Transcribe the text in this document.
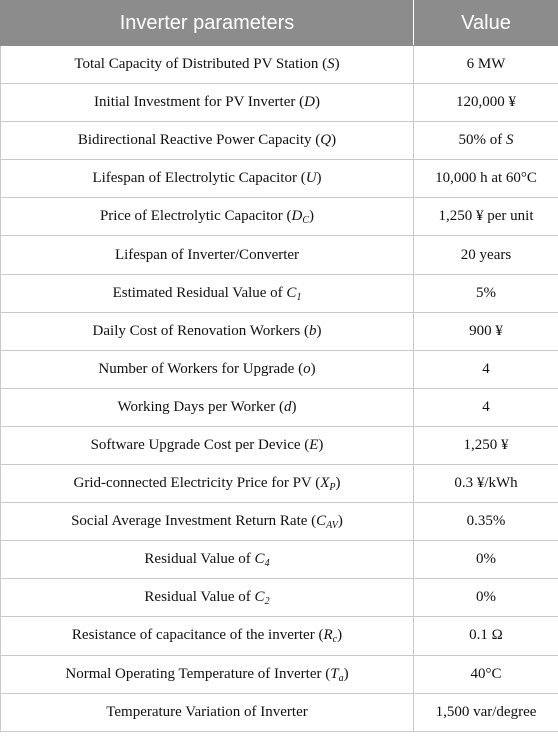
Inverter parameters	Value
Total Capacity of Distributed PV Station (S)	6 MW
Initial Investment for PV Inverter (D)	120,000 ¥
Bidirectional Reactive Power Capacity (Q)	50% of S
Lifespan of Electrolytic Capacitor (U)	10,000 h at 60°C
Price of Electrolytic Capacitor $(D_C)$	1,250 ¥ per unit
Lifespan of Inverter/Converter	20 years
Estimated Residual Value of $C_1$	5%
Daily Cost of Renovation Workers (b)	900 ¥
Number of Workers for Upgrade (o)	4
Working Days per Worker (d)	4
Software Upgrade Cost per Device (E)	1,250 ¥
Grid-connected Electricity Price for PV $(X_P)$	0.3 ¥/kWh
Social Average Investment Return Rate $(C_{AV})$	0.35%
Residual Value of $C_4$	0%
Residual Value of $C_2$	0%
Resistance of capacitance of the inverter $(R_c)$	0.1 Ω
Normal Operating Temperature of Inverter $(T_a)$	40°C
Temperature Variation of Inverter	1,500 var/degree
